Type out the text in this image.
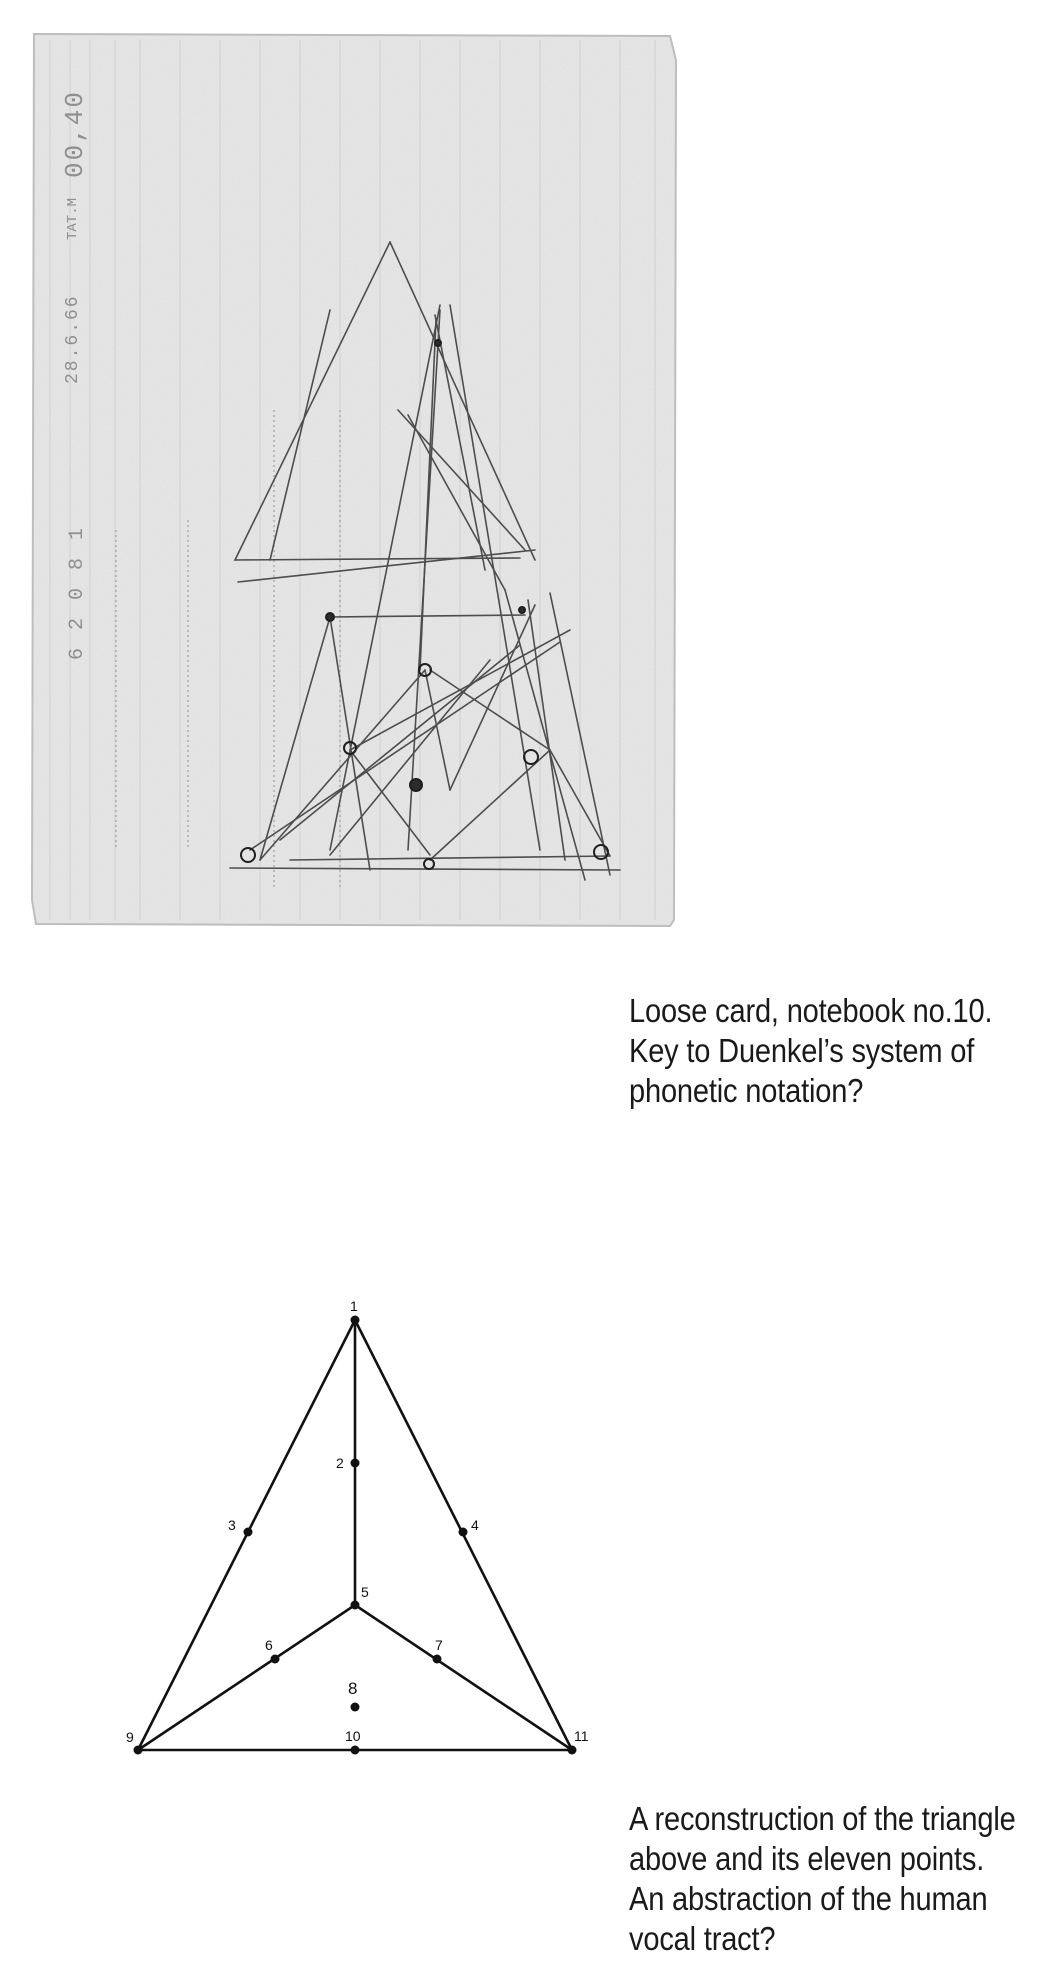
6 2 0 8 1
28.6.66
TAT.M
00,40
Loose card, notebook no.10.
Key to Duenkel’s system of
phonetic notation?
1
2
3	4
5
6	7
8
9	10	11
A reconstruction of the triangle
above and its eleven points.
An abstraction of the human
vocal tract?
